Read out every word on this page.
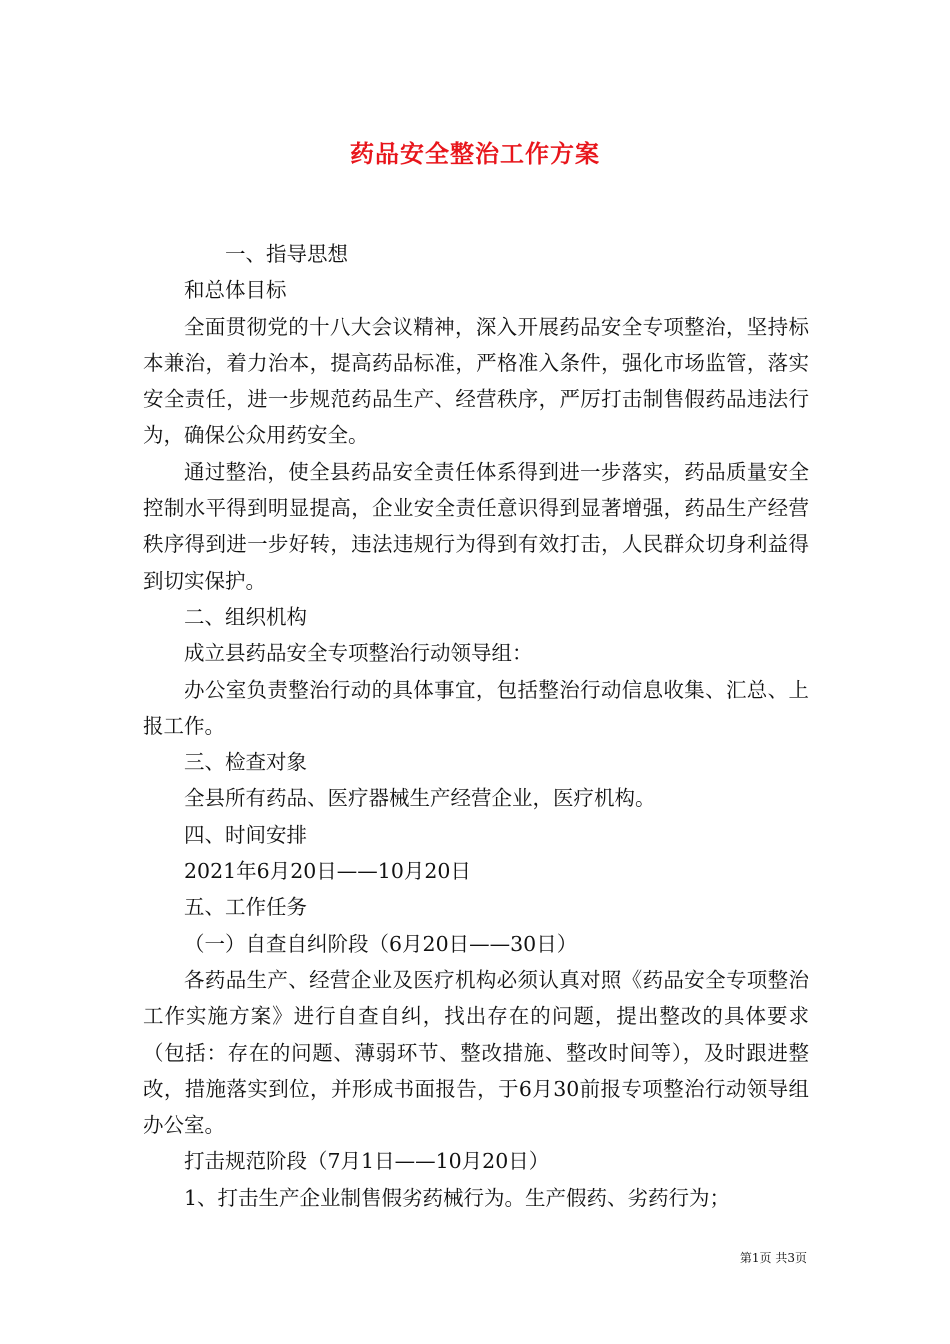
药品安全整治工作方案

一、指导思想

和总体目标

全面贯彻党的十八大会议精神，深入开展药品安全专项整治，坚持标本兼治，着力治本，提高药品标准，严格准入条件，强化市场监管，落实安全责任，进一步规范药品生产、经营秩序，严厉打击制售假药品违法行为，确保公众用药安全。

通过整治，使全县药品安全责任体系得到进一步落实，药品质量安全控制水平得到明显提高，企业安全责任意识得到显著增强，药品生产经营秩序得到进一步好转，违法违规行为得到有效打击，人民群众切身利益得到切实保护。

二、组织机构

成立县药品安全专项整治行动领导组：

办公室负责整治行动的具体事宜，包括整治行动信息收集、汇总、上报工作。

三、检查对象

全县所有药品、医疗器械生产经营企业，医疗机构。

四、时间安排

2021年6月20日——10月20日

五、工作任务

（一）自查自纠阶段（6月20日——30日）

各药品生产、经营企业及医疗机构必须认真对照《药品安全专项整治工作实施方案》进行自查自纠，找出存在的问题，提出整改的具体要求（包括：存在的问题、薄弱环节、整改措施、整改时间等），及时跟进整改，措施落实到位，并形成书面报告，于6月30前报专项整治行动领导组办公室。

打击规范阶段（7月1日——10月20日）

1、打击生产企业制售假劣药械行为。生产假药、劣药行为；

第1页 共3页
